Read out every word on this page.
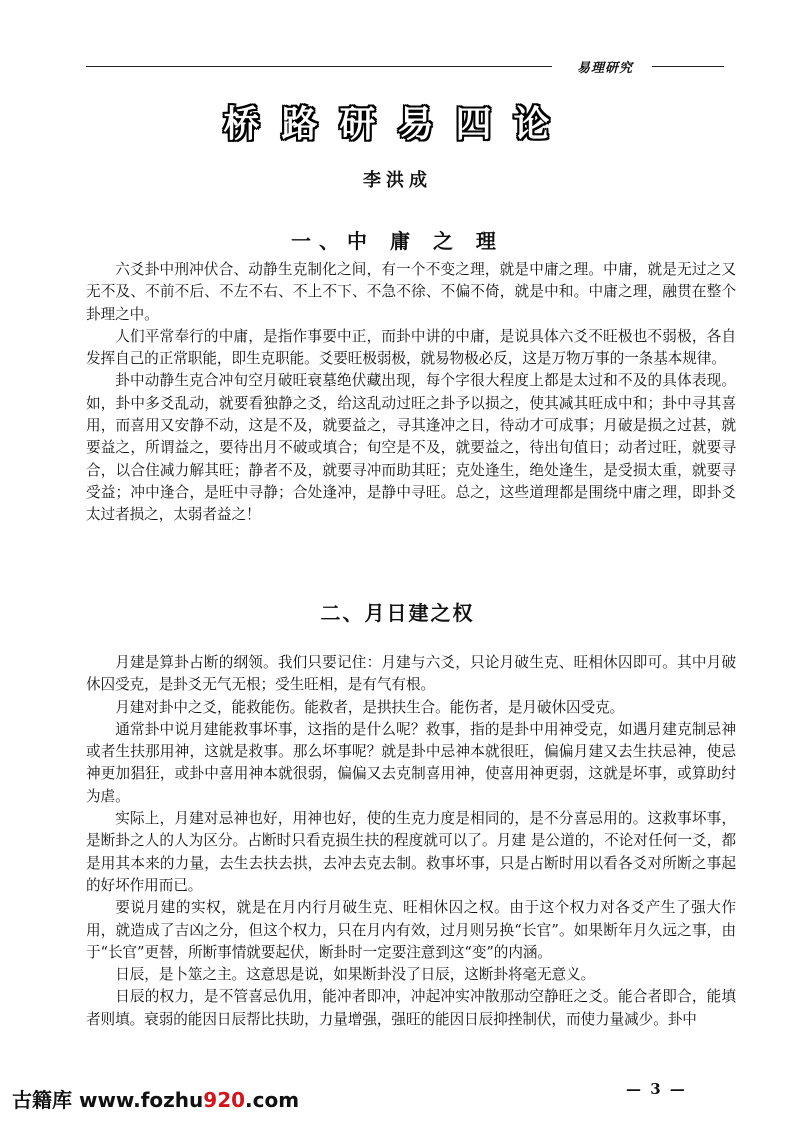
易理研究
桥路研易四论
李洪成
一、中 庸 之 理

六爻卦中刑冲伏合、动静生克制化之间，有一个不变之理，就是中庸之理。中庸，就是无过之又无不及、不前不后、不左不右、不上不下、不急不徐、不偏不倚，就是中和。中庸之理，融贯在整个卦理之中。

人们平常奉行的中庸，是指作事要中正，而卦中讲的中庸，是说具体六爻不旺极也不弱极，各自发挥自己的正常职能，即生克职能。爻要旺极弱极，就易物极必反，这是万物万事的一条基本规律。

卦中动静生克合冲旬空月破旺衰墓绝伏藏出现，每个字很大程度上都是太过和不及的具体表现。如，卦中多爻乱动，就要看独静之爻，给这乱动过旺之卦予以损之，使其减其旺成中和；卦中寻其喜用，而喜用又安静不动，这是不及，就要益之，寻其逢冲之日，待动才可成事；月破是损之过甚，就要益之，所谓益之，要待出月不破或填合；旬空是不及，就要益之，待出旬值日；动者过旺，就要寻合，以合住减力解其旺；静者不及，就要寻冲而助其旺；克处逢生，绝处逢生，是受损太重，就要寻受益；冲中逢合，是旺中寻静；合处逢冲，是静中寻旺。总之，这些道理都是围绕中庸之理，即卦爻太过者损之，太弱者益之！

二、月日建之权

月建是算卦占断的纲领。我们只要记住：月建与六爻，只论月破生克、旺相休囚即可。其中月破休囚受克，是卦爻无气无根；受生旺相，是有气有根。

月建对卦中之爻，能救能伤。能救者，是拱扶生合。能伤者，是月破休囚受克。

通常卦中说月建能救事坏事，这指的是什么呢？救事，指的是卦中用神受克，如遇月建克制忌神或者生扶那用神，这就是救事。那么坏事呢？就是卦中忌神本就很旺，偏偏月建又去生扶忌神，使忌神更加猖狂，或卦中喜用神本就很弱，偏偏又去克制喜用神，使喜用神更弱，这就是坏事，或算助纣为虐。

实际上，月建对忌神也好，用神也好，使的生克力度是相同的，是不分喜忌用的。这救事坏事，是断卦之人的人为区分。占断时只看克损生扶的程度就可以了。月建 是公道的，不论对任何一爻，都是用其本来的力量，去生去扶去拱，去冲去克去制。救事坏事，只是占断时用以看各爻对所断之事起的好坏作用而已。

要说月建的实权，就是在月内行月破生克、旺相休囚之权。由于这个权力对各爻产生了强大作用，就造成了吉凶之分，但这个权力，只在月内有效，过月则另换“长官”。如果断年月久远之事，由于“长官”更替，所断事情就要起伏，断卦时一定要注意到这“变”的内涵。

日辰，是卜筮之主。这意思是说，如果断卦没了日辰，这断卦将毫无意义。

日辰的权力，是不管喜忌仇用，能冲者即冲，冲起冲实冲散那动空静旺之爻。能合者即合，能填者则填。衰弱的能因日辰帮比扶助，力量增强，强旺的能因日辰抑挫制伏，而使力量减少。卦中

— 3 —
古籍库 www.fozhu920.com
